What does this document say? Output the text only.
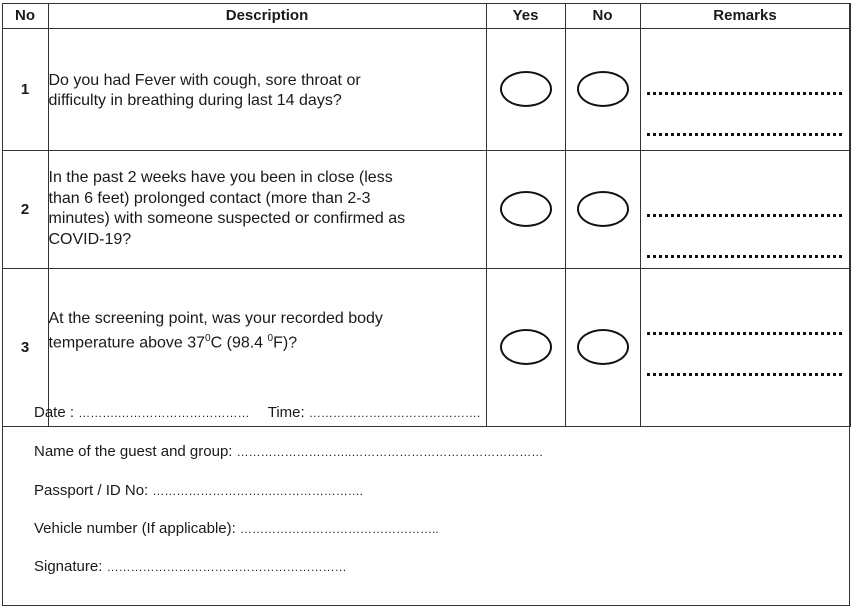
No	Description	Yes	No	Remarks
1	Do you had Fever with cough, sore throat or
difficulty in breathing during last 14 days?			

2	In the past 2 weeks have you been in close (less
than 6 feet) prolonged contact (more than 2-3
minutes) with someone suspected or confirmed as
COVID-19?			

3	At the screening point, was your recorded body
temperature above $37^0C$ (98.4 $^0$F)?			

Date : ……….…………………………… Time: …………………………………….
Name of the guest and group: ………………………..…………………………………………
Passport / ID No: ………………………….………………….
Vehicle number (If applicable): …………………………………………..
Signature: ……………………………………………………
